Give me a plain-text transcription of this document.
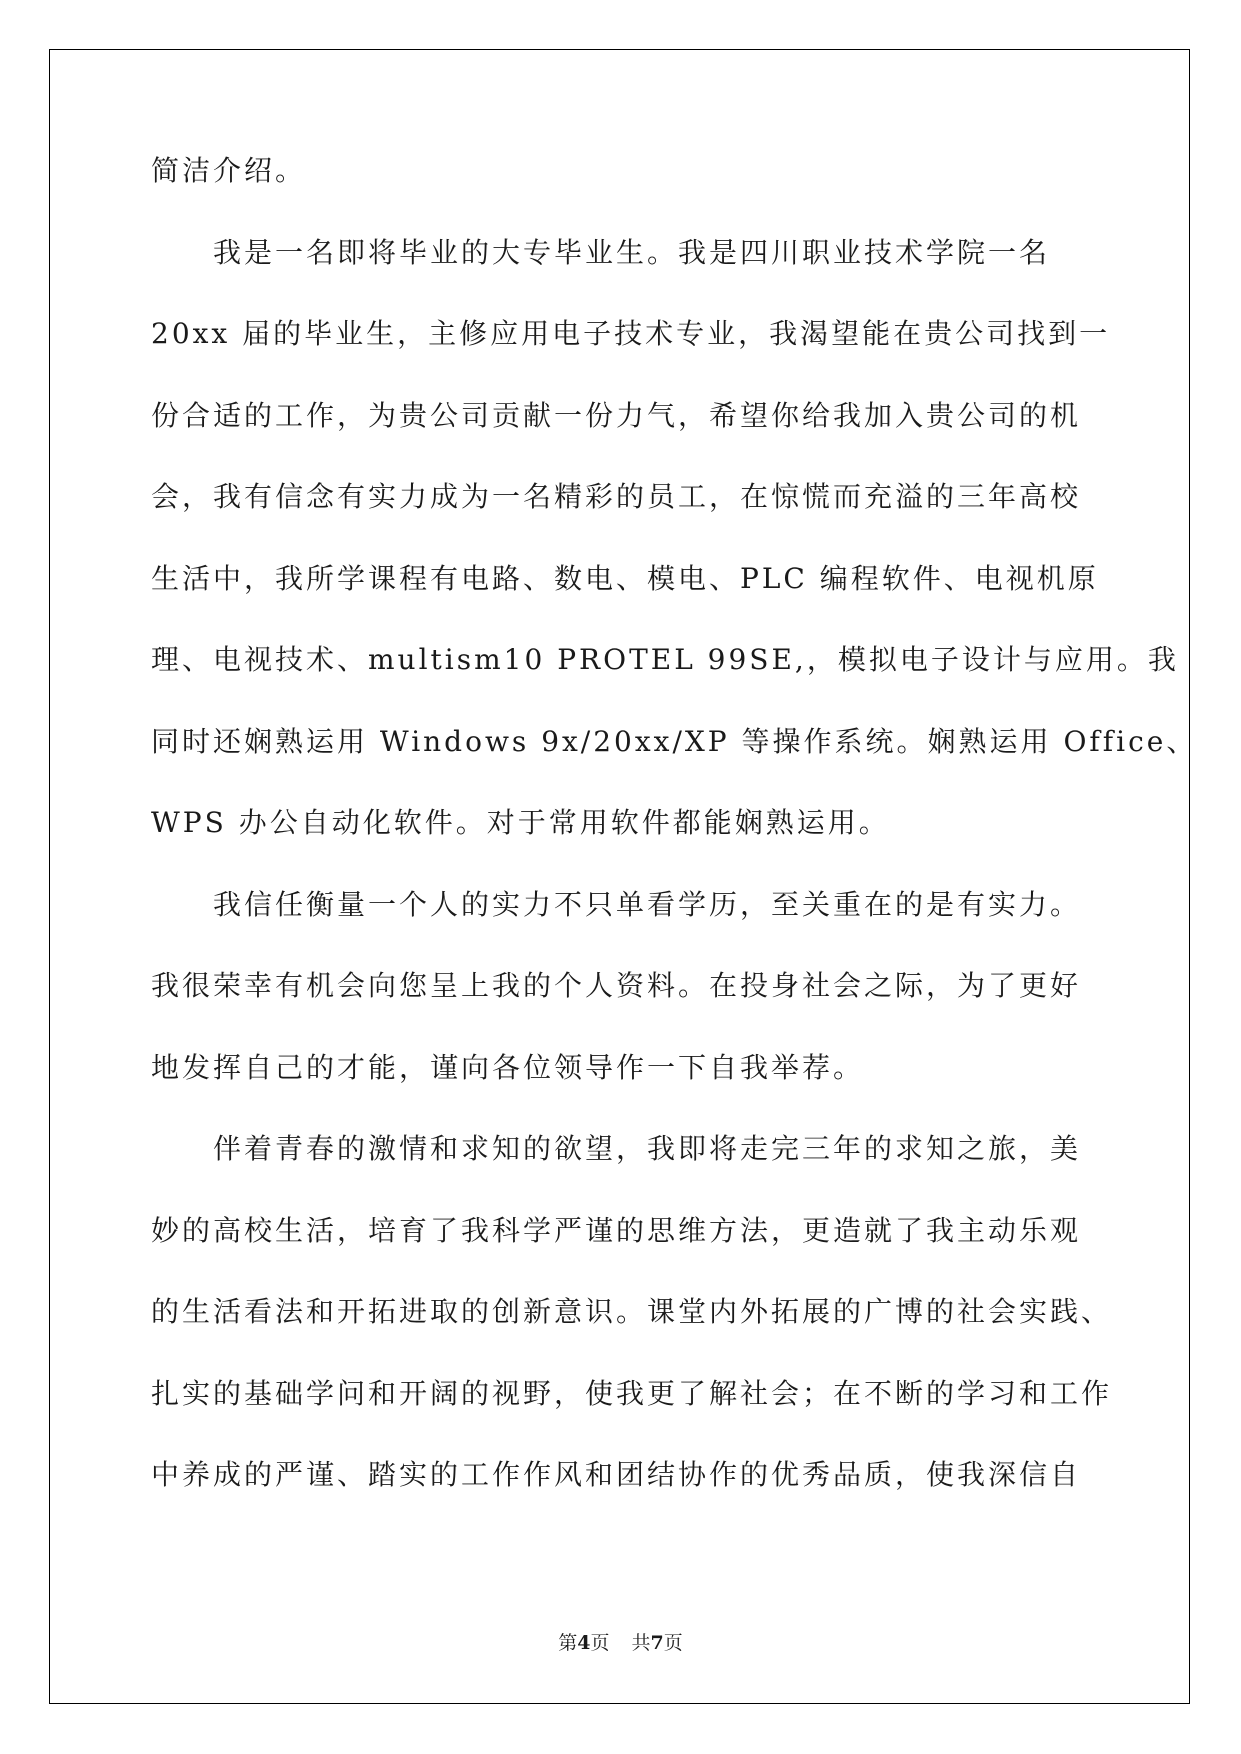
简洁介绍。
我是一名即将毕业的大专毕业生。我是四川职业技术学院一名
20xx 届的毕业生，主修应用电子技术专业，我渴望能在贵公司找到一
份合适的工作，为贵公司贡献一份力气，希望你给我加入贵公司的机
会，我有信念有实力成为一名精彩的员工，在惊慌而充溢的三年高校
生活中，我所学课程有电路、数电、模电、PLC 编程软件、电视机原
理、电视技术、multism10 PROTEL 99SE,，模拟电子设计与应用。我
同时还娴熟运用 Windows 9x/20xx/XP 等操作系统。娴熟运用 Office、
WPS 办公自动化软件。对于常用软件都能娴熟运用。
我信任衡量一个人的实力不只单看学历，至关重在的是有实力。
我很荣幸有机会向您呈上我的个人资料。在投身社会之际，为了更好
地发挥自己的才能，谨向各位领导作一下自我举荐。
伴着青春的激情和求知的欲望，我即将走完三年的求知之旅，美
妙的高校生活，培育了我科学严谨的思维方法，更造就了我主动乐观
的生活看法和开拓进取的创新意识。课堂内外拓展的广博的社会实践、
扎实的基础学问和开阔的视野，使我更了解社会；在不断的学习和工作
中养成的严谨、踏实的工作作风和团结协作的优秀品质，使我深信自
第4页 共7页
